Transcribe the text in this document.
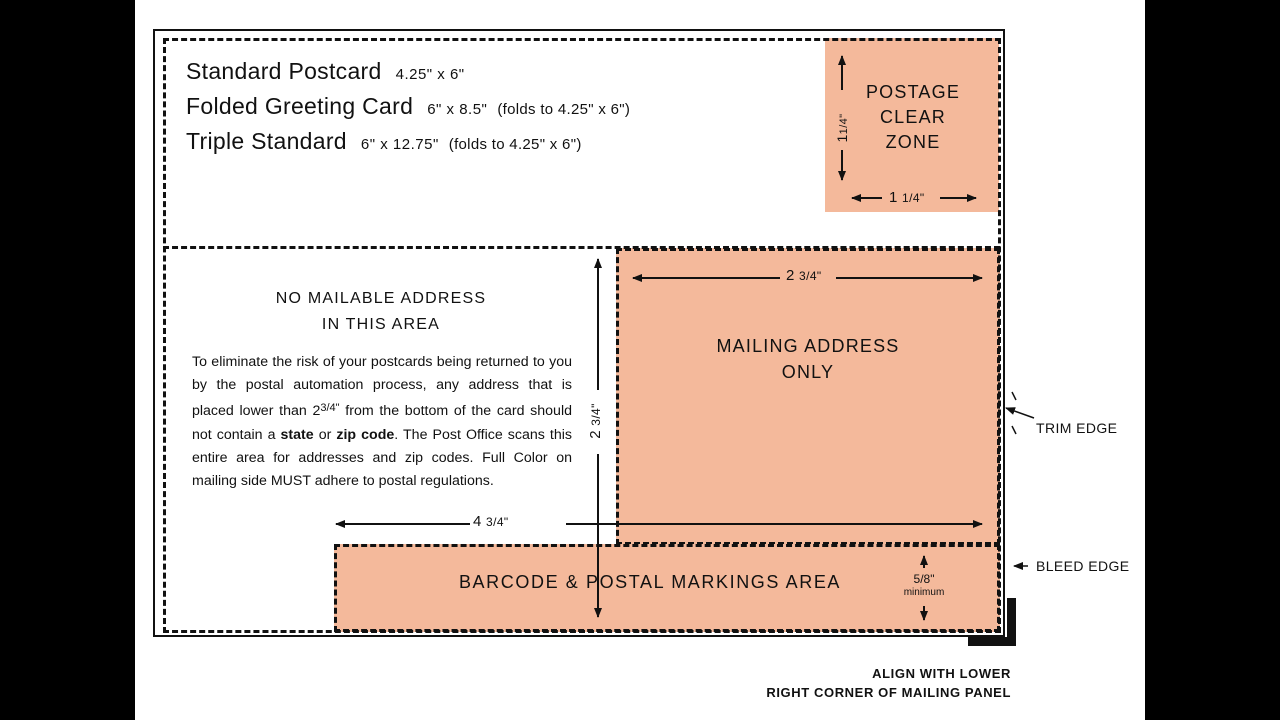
Standard Postcard 4.25" x 6"
Folded Greeting Card 6" x 8.5" (folds to 4.25" x 6")
Triple Standard 6" x 12.75" (folds to 4.25" x 6")
POSTAGE
CLEAR
ZONE
11/4"
1 1/4"
NO MAILABLE ADDRESS
IN THIS AREA
To eliminate the risk of your postcards being returned to you by the postal automation process, any address that is placed lower than $2^{3/4"}$ from the bottom of the card should not contain a state or zip code. The Post Office scans this entire area for addresses and zip codes. Full Color on mailing side MUST adhere to postal regulations.
MAILING ADDRESS
ONLY
BARCODE & POSTAL MARKINGS AREA	5/8"
minimum
2 3/4"
2 3/4"
4 3/4"
TRIM EDGE
BLEED EDGE
ALIGN WITH LOWER
RIGHT CORNER OF MAILING PANEL
